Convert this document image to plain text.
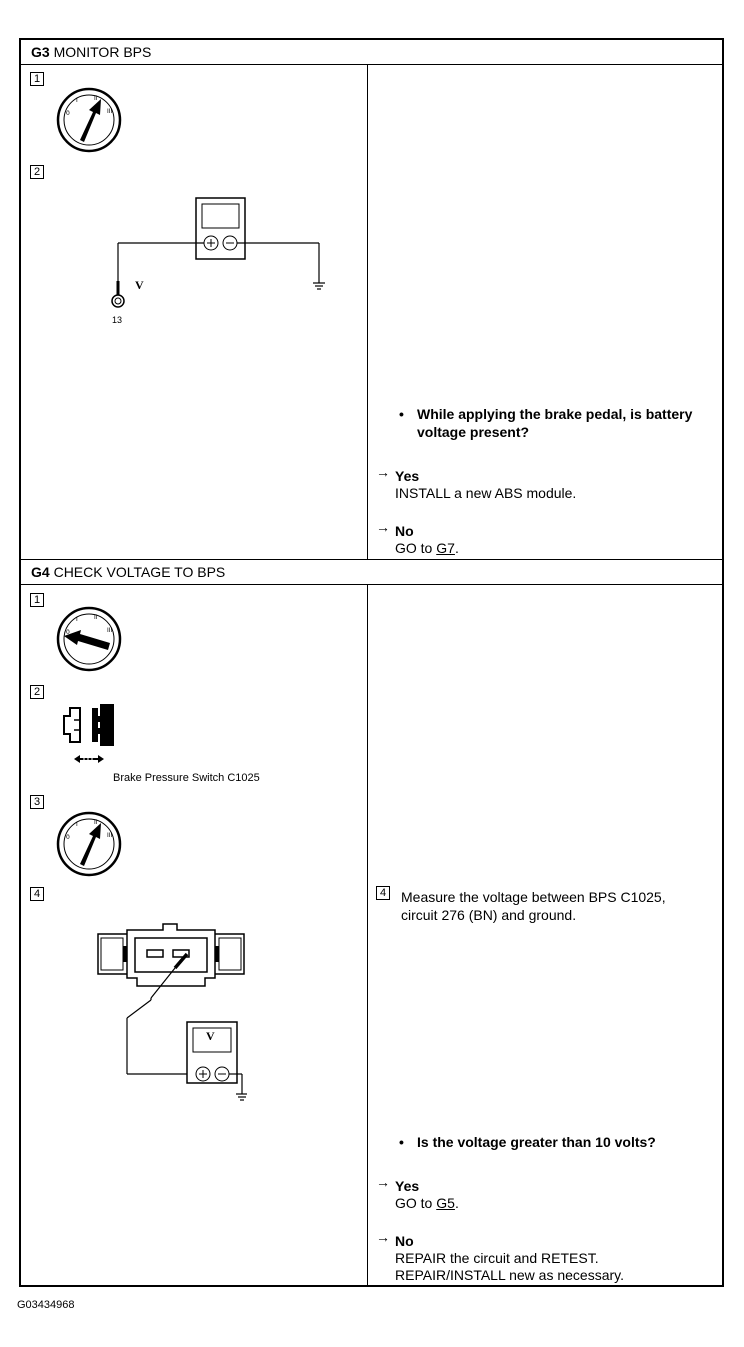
G3 MONITOR BPS
1
0
I	II
III
2
V
13
• While applying the brake pedal, is battery
voltage present?
→ Yes
INSTALL a new ABS module.
→ No
GO to G7.
G4 CHECK VOLTAGE TO BPS
1
0
I	II
III
2
Brake Pressure Switch C1025
3
0
I	II
III
4
V
4 Measure the voltage between BPS C1025,
circuit 276 (BN) and ground.
• Is the voltage greater than 10 volts?
→ Yes
GO to G5.
→ No
REPAIR the circuit and RETEST.
REPAIR/INSTALL new as necessary.
G03434968
